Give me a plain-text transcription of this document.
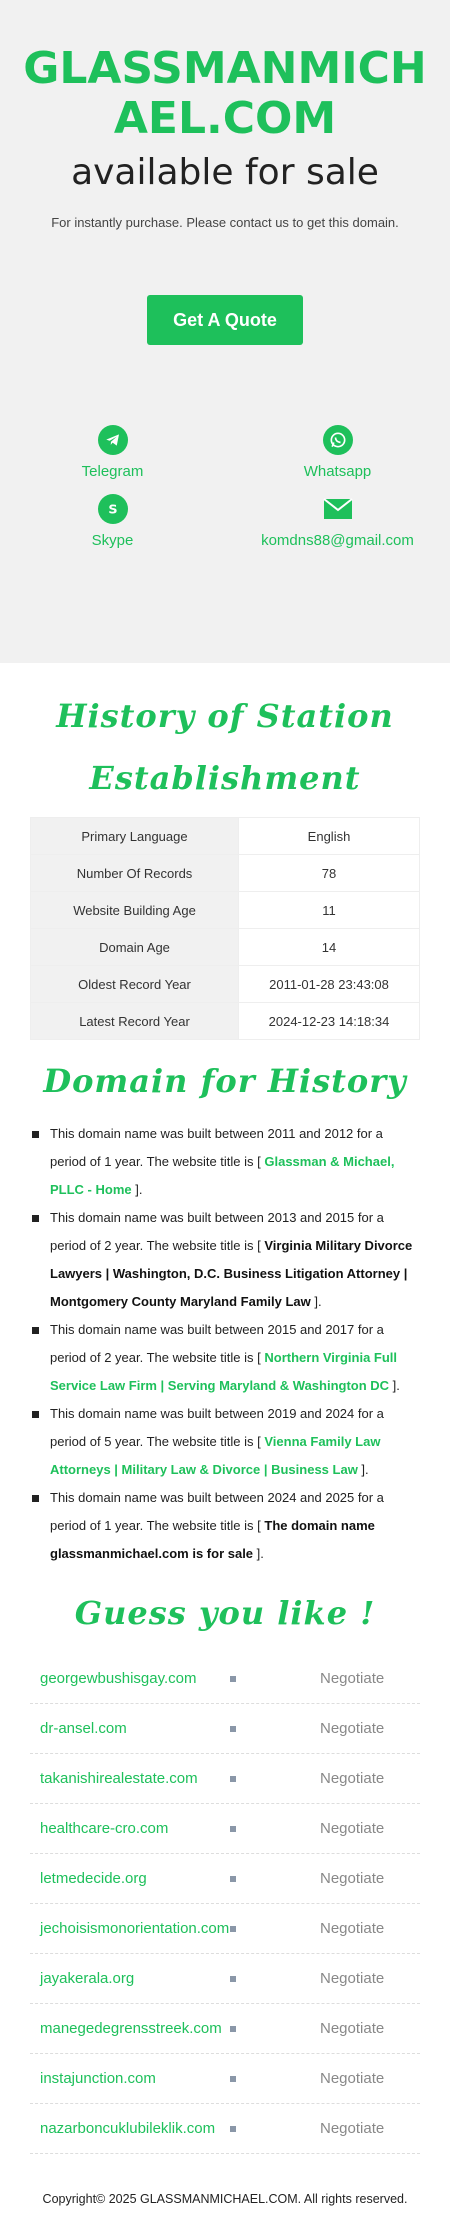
GLASSMANMICHAEL.COM
available for sale

For instantly purchase. Please contact us to get this domain.

Get A Quote
Telegram	Whatsapp
S
Skype	komdns88@gmail.com
History of Station Establishment
Primary Language	English
Number Of Records	78
Website Building Age	11
Domain Age	14
Oldest Record Year	2011-01-28 23:43:08
Latest Record Year	2024-12-23 14:18:34
Domain for History
This domain name was built between 2011 and 2012 for a period of 1 year. The website title is [ Glassman & Michael, PLLC - Home ].
This domain name was built between 2013 and 2015 for a period of 2 year. The website title is [ Virginia Military Divorce Lawyers | Washington, D.C. Business Litigation Attorney | Montgomery County Maryland Family Law ].
This domain name was built between 2015 and 2017 for a period of 2 year. The website title is [ Northern Virginia Full Service Law Firm | Serving Maryland & Washington DC ].
This domain name was built between 2019 and 2024 for a period of 5 year. The website title is [ Vienna Family Law Attorneys | Military Law & Divorce | Business Law ].
This domain name was built between 2024 and 2025 for a period of 1 year. The website title is [ The domain name glassmanmichael.com is for sale ].
Guess you like !
georgewbushisgay.com	Negotiate
dr-ansel.com	Negotiate
takanishirealestate.com	Negotiate
healthcare-cro.com	Negotiate
letmedecide.org	Negotiate
jechoisismonorientation.com	Negotiate
jayakerala.org	Negotiate
manegedegrensstreek.com	Negotiate
instajunction.com	Negotiate
nazarboncuklubileklik.com	Negotiate

Copyright© 2025 GLASSMANMICHAEL.COM. All rights reserved.
